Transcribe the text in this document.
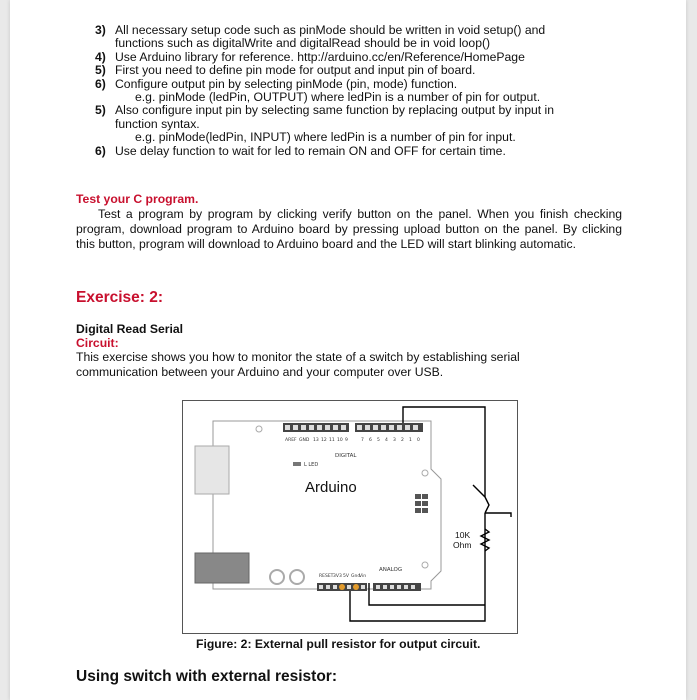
3) All necessary setup code such as pinMode should be written in void setup() and
functions such as digitalWrite and digitalRead should be in void loop()
4) Use Arduino library for reference. http://arduino.cc/en/Reference/HomePage
5) First you need to define pin mode for output and input pin of board.
6) Configure output pin by selecting pinMode (pin, mode) function.
e.g. pinMode (ledPin, OUTPUT) where ledPin is a number of pin for output.
5) Also configure input pin by selecting same function by replacing output by input in
function syntax.
e.g. pinMode(ledPin, INPUT) where ledPin is a number of pin for input.
6) Use delay function to wait for led to remain ON and OFF for certain time.
Test your C program.
Test a program by program by clicking verify button on the panel. When you finish checking program, download program to Arduino board by pressing upload button on the panel. By clicking this button, program will download to Arduino board and the LED will start blinking automatic.
Exercise: 2:
Digital Read Serial
Circuit:
This exercise shows you how to monitor the state of a switch by establishing serial communication between your Arduino and your computer over USB.
AREF GND 13 12 11 10 9	7 6 5 4 3 2 1 0
DIGITAL
L LED
Arduino
RESET 3V3 5V Gnd
Vin
ANALOG
10K
Ohm
Figure: 2: External pull resistor for output circuit.
Using switch with external resistor:
